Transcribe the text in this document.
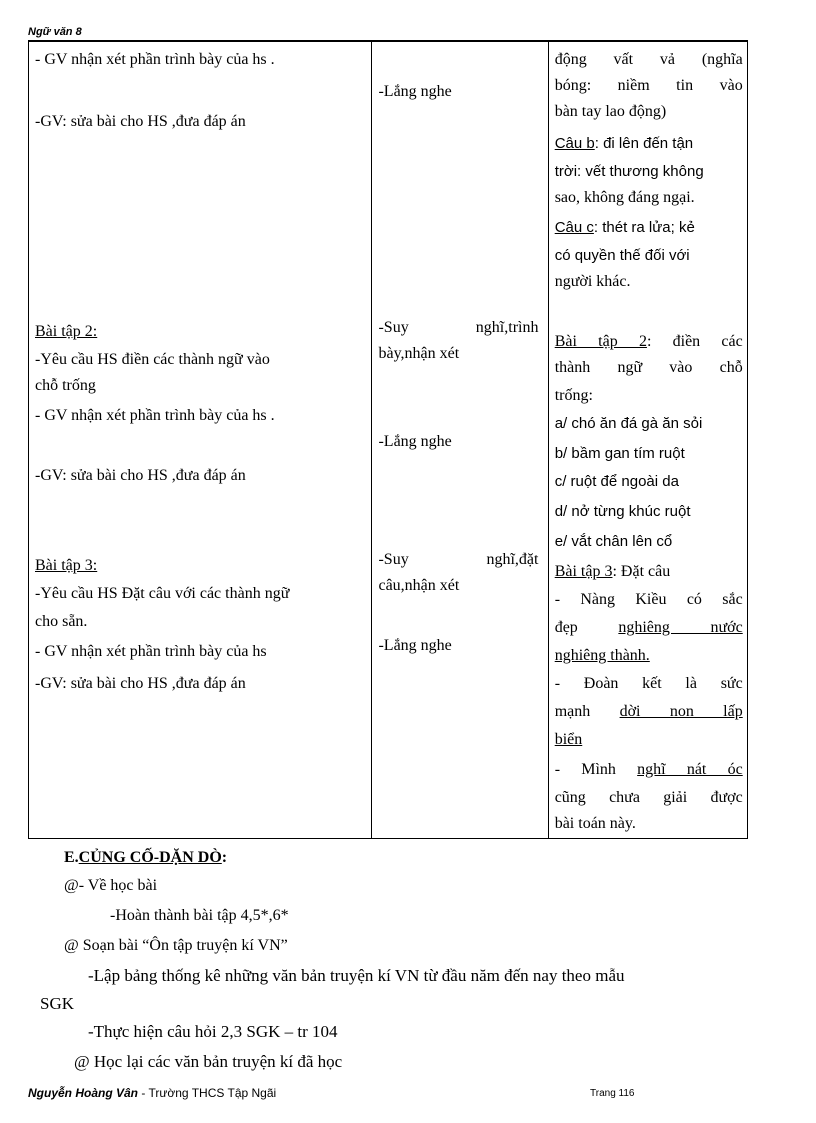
Ngữ văn 8
- GV nhận xét phần trình bày của hs .
-GV: sửa bài cho HS ,đưa đáp án
Bài tập 2:
-Yêu cầu HS điền các thành ngữ vào
chỗ trống
- GV nhận xét phần trình bày của hs .
-GV: sửa bài cho HS ,đưa đáp án
Bài tập 3:
-Yêu cầu HS Đặt câu với các thành ngữ
cho sẵn.
- GV nhận xét phần trình bày của hs
-GV: sửa bài cho HS ,đưa đáp án

-Lắng nghe
-Suy nghĩ,trình
bày,nhận xét
-Lắng nghe
-Suy nghĩ,đặt
câu,nhận xét
-Lắng nghe

động vất vả (nghĩa
bóng: niềm tin vào
bàn tay lao động)
Câu b: đi lên đến tận
trời: vết thương không
sao, không đáng ngại.
Câu c: thét ra lửa; kẻ
có quyền thế đối với
người khác.
Bài tập 2: điền các
thành ngữ vào chỗ
trống:
a/ chó ăn đá gà ăn sỏi
b/ bầm gan tím ruột
c/ ruột để ngoài da
d/ nở từng khúc ruột
e/ vắt chân lên cổ
Bài tập 3: Đặt câu
- Nàng Kiều có sắc
đẹp nghiêng nước
nghiêng thành.
- Đoàn kết là sức
mạnh dời non lấp
biển
- Mình nghĩ nát óc
cũng chưa giải được
bài toán này.
E.CỦNG CỐ-DẶN DÒ:
@- Về học bài
-Hoàn thành bài tập 4,5*,6*
@ Soạn bài “Ôn tập truyện kí VN”
-Lập bảng thống kê những văn bản truyện kí VN từ đầu năm đến nay theo mẫu
SGK
-Thực hiện câu hỏi 2,3 SGK – tr 104
@ Học lại các văn bản truyện kí đã học
Nguyễn Hoàng Vân - Trường THCS Tập Ngãi	Trang 116
